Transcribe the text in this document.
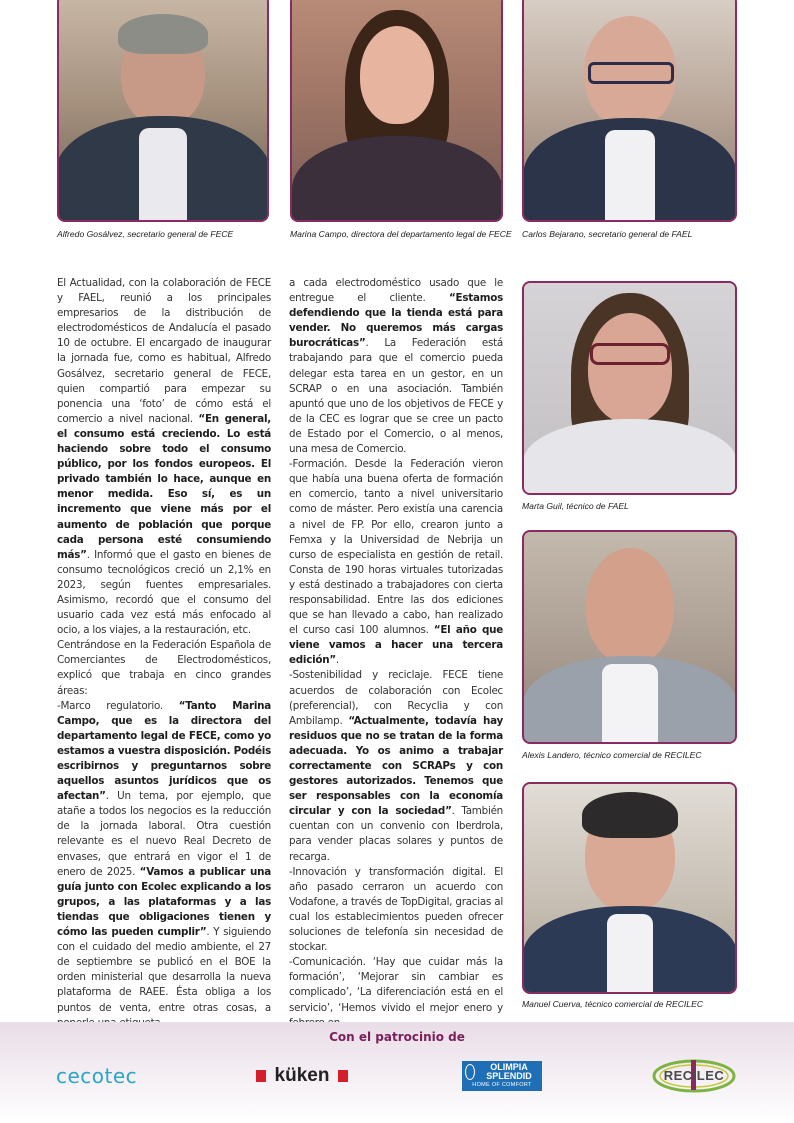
Alfredo Gosálvez, secretario general de FECE	Marina Campo, directora del departamento legal de FECE Carlos Bejarano, secretario general de FAEL
Marta Guil, técnico de FAEL
Alexis Landero, técnico comercial de RECILEC
Manuel Cuerva, técnico comercial de RECILEC

El Actualidad, con la colaboración de FECE y FAEL, reunió a los principales empresarios de la distribución de electrodomésticos de Andalucía el pasado 10 de octubre. El encargado de inaugurar la jornada fue, como es habitual, Alfredo Gosálvez, secretario general de FECE, quien compartió para empezar su ponencia una ‘foto’ de cómo está el comercio a nivel nacional. “En general, el consumo está creciendo. Lo está haciendo sobre todo el consumo público, por los fondos europeos. El privado también lo hace, aunque en menor medida. Eso sí, es un incremento que viene más por el aumento de población que porque cada persona esté consumiendo más”. Informó que el gasto en bienes de consumo tecnológicos creció un 2,1% en 2023, según fuentes empresariales. Asimismo, recordó que el consumo del usuario cada vez está más enfocado al ocio, a los viajes, a la restauración, etc.

Centrándose en la Federación Española de Comerciantes de Electrodomésticos, explicó que trabaja en cinco grandes áreas:

-Marco regulatorio. “Tanto Marina Campo, que es la directora del departamento legal de FECE, como yo estamos a vuestra disposición. Podéis escribirnos y preguntarnos sobre aquellos asuntos jurídicos que os afectan”. Un tema, por ejemplo, que atañe a todos los negocios es la reducción de la jornada laboral. Otra cuestión relevante es el nuevo Real Decreto de envases, que entrará en vigor el 1 de enero de 2025. “Vamos a publicar una guía junto con Ecolec explicando a los grupos, a las plataformas y a las tiendas que obligaciones tienen y cómo las pueden cumplir”. Y siguiendo con el cuidado del medio ambiente, el 27 de septiembre se publicó en el BOE la orden ministerial que desarrolla la nueva plataforma de RAEE. Ésta obliga a los puntos de venta, entre otras cosas, a

a cada electrodoméstico usado que le entregue el cliente. “Estamos defendiendo que la tienda está para vender. No queremos más cargas burocráticas”. La Federación está trabajando para que el comercio pueda delegar esta tarea en un gestor, en un SCRAP o en una asociación. También apuntó que uno de los objetivos de FECE y de la CEC es lograr que se cree un pacto de Estado por el Comercio, o al menos, una mesa de Comercio.

-Formación. Desde la Federación vieron que había una buena oferta de formación en comercio, tanto a nivel universitario como de máster. Pero existía una carencia a nivel de FP. Por ello, crearon junto a Femxa y la Universidad de Nebrija un curso de especialista en gestión de retail. Consta de 190 horas virtuales tutorizadas y está destinado a trabajadores con cierta responsabilidad. Entre las dos ediciones que se han llevado a cabo, han realizado el curso casi 100 alumnos. “El año que viene vamos a hacer una tercera edición”.

-Sostenibilidad y reciclaje. FECE tiene acuerdos de colaboración con Ecolec (preferencial), con Recyclia y con Ambilamp. “Actualmente, todavía hay residuos que no se tratan de la forma adecuada. Yo os animo a trabajar correctamente con SCRAPs y con gestores autorizados. Tenemos que ser responsables con la economía circular y con la sociedad”. También cuentan con un convenio con Iberdrola, para vender placas solares y puntos de recarga.

-Innovación y transformación digital. El año pasado cerraron un acuerdo con Vodafone, a través de TopDigital, gracias al cual los establecimientos pueden ofrecer soluciones de telefonía sin necesidad de stockar.

-Comunicación. ‘Hay que cuidar más la formación’, ‘Mejorar sin cambiar es complicado’, ‘La diferenciación está en el servicio’, ‘Hemos vivido el mejor enero y

Con el patrocinio de
cecotec	küken	OLIMPIA
SPLENDID
HOME OF COMFORT
RECILEC
